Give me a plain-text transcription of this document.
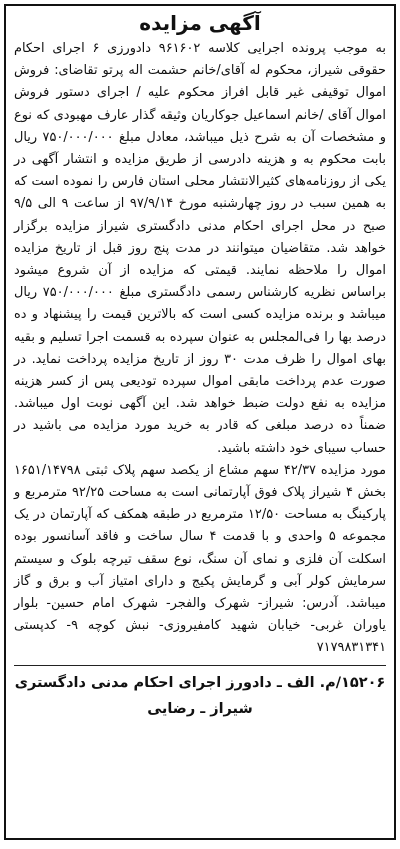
آگهی مزایده

به موجب پرونده اجرایی کلاسه ۹۶۱۶۰۲ دادورزی ۶ اجرای احکام حقوقی شیراز، محکوم له آقای/خانم حشمت اله پرتو تقاضای: فروش اموال توقیفی غیر قابل افراز محکوم علیه / اجرای دستور فروش اموال آقای /خانم اسماعیل جوکاریان وثیقه گذار عارف مهبودی که نوع و مشخصات آن به شرح ذیل میباشد، معادل مبلغ ۷۵۰/۰۰۰/۰۰۰ ریال بابت محکوم به و هزینه دادرسی از طریق مزایده و انتشار آگهی در یکی از روزنامه‌های کثیرالانتشار محلی استان فارس را نموده است که به همین سبب در روز چهارشنبه مورخ ۹۷/۹/۱۴ از ساعت ۹ الی ۹/۵ صبح در محل اجرای احکام مدنی دادگستری شیراز مزایده برگزار خواهد شد. متقاضیان میتوانند در مدت پنج روز قبل از تاریخ مزایده اموال را ملاحظه نمایند. قیمتی که مزایده از آن شروع میشود براساس نظریه کارشناس رسمی دادگستری مبلغ ۷۵۰/۰۰۰/۰۰۰ ریال میباشد و برنده مزایده کسی است که بالاترین قیمت را پیشنهاد و ده درصد بها را فی‌المجلس به عنوان سپرده به قسمت اجرا تسلیم و بقیه بهای اموال را ظرف مدت ۳۰ روز از تاریخ مزایده پرداخت نماید. در صورت عدم پرداخت مابقی اموال سپرده تودیعی پس از کسر هزینه مزایده به نفع دولت ضبط خواهد شد. این آگهی نوبت اول میباشد. ضمناً ده درصد مبلغی که قادر به خرید مورد مزایده می باشید در حساب سیبای خود داشته باشید.

مورد مزایده ۴۲/۳۷ سهم مشاع از یکصد سهم پلاک ثبتی ۱۶۵۱/۱۴۷۹۸ بخش ۴ شیراز پلاک فوق آپارتمانی است به مساحت ۹۲/۲۵ مترمربع و پارکینگ به مساحت ۱۲/۵۰ مترمربع در طبقه همکف که آپارتمان در یک مجموعه ۵ واحدی و با قدمت ۴ سال ساخت و فاقد آسانسور بوده اسکلت آن فلزی و نمای آن سنگ، نوع سقف تیرچه بلوک و سیستم سرمایش کولر آبی و گرمایش پکیج و دارای امتیاز آب و برق و گاز میباشد. آدرس: شیراز- شهرک والفجر- شهرک امام حسین- بلوار یاوران غربی- خیابان شهید کامفیروزی- نبش کوچه ۹- کدپستی ۷۱۷۹۸۳۱۳۴۱

۱۵۲۰۶/م. الف ـ دادورز اجرای احکام مدنی دادگستری
شیراز ـ رضایی
